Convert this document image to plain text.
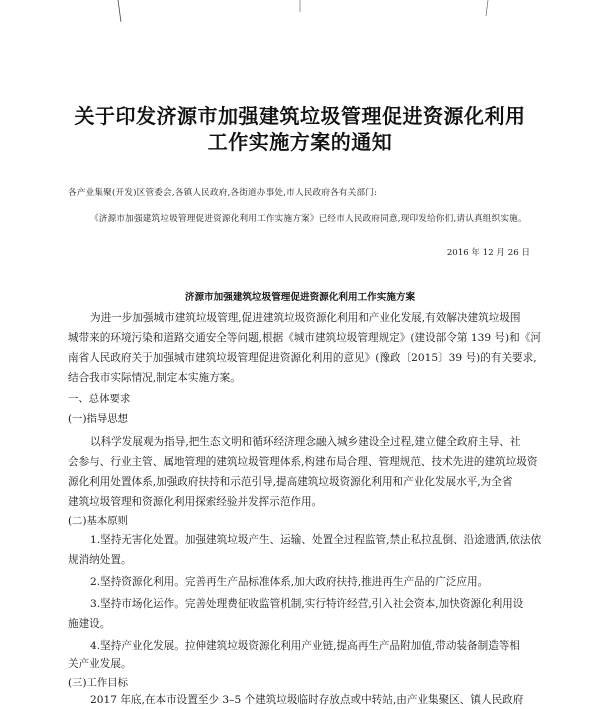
关于印发济源市加强建筑垃圾管理促进资源化利用
工作实施方案的通知
各产业集聚(开发)区管委会,各镇人民政府,各街道办事处,市人民政府各有关部门:
《济源市加强建筑垃圾管理促进资源化利用工作实施方案》已经市人民政府同意,现印发给你们,请认真组织实施。
2016 年 12 月 26 日
济源市加强建筑垃圾管理促进资源化利用工作实施方案
为进一步加强城市建筑垃圾管理,促进建筑垃圾资源化利用和产业化发展,有效解决建筑垃圾围
城带来的环境污染和道路交通安全等问题,根据《城市建筑垃圾管理规定》(建设部令第 139 号)和《河
南省人民政府关于加强城市建筑垃圾管理促进资源化利用的意见》(豫政〔2015〕39 号)的有关要求,
结合我市实际情况,制定本实施方案。
一、总体要求
(一)指导思想
以科学发展观为指导,把生态文明和循环经济理念融入城乡建设全过程,建立健全政府主导、社
会参与、行业主管、属地管理的建筑垃圾管理体系,构建布局合理、管理规范、技术先进的建筑垃圾资
源化利用处置体系,加强政府扶持和示范引导,提高建筑垃圾资源化利用和产业化发展水平,为全省
建筑垃圾管理和资源化利用探索经验并发挥示范作用。
(二)基本原则
1.坚持无害化处置。加强建筑垃圾产生、运输、处置全过程监管,禁止私拉乱倒、沿途遗洒,依法依
规消纳处置。
2.坚持资源化利用。完善再生产品标准体系,加大政府扶持,推进再生产品的广泛应用。
3.坚持市场化运作。完善处理费征收监管机制,实行特许经营,引入社会资本,加快资源化利用设
施建设。
4.坚持产业化发展。拉伸建筑垃圾资源化利用产业链,提高再生产品附加值,带动装备制造等相
关产业发展。
(三)工作目标
2017 年底,在本市设置至少 3–5 个建筑垃圾临时存放点或中转站,由产业集聚区、镇人民政府
